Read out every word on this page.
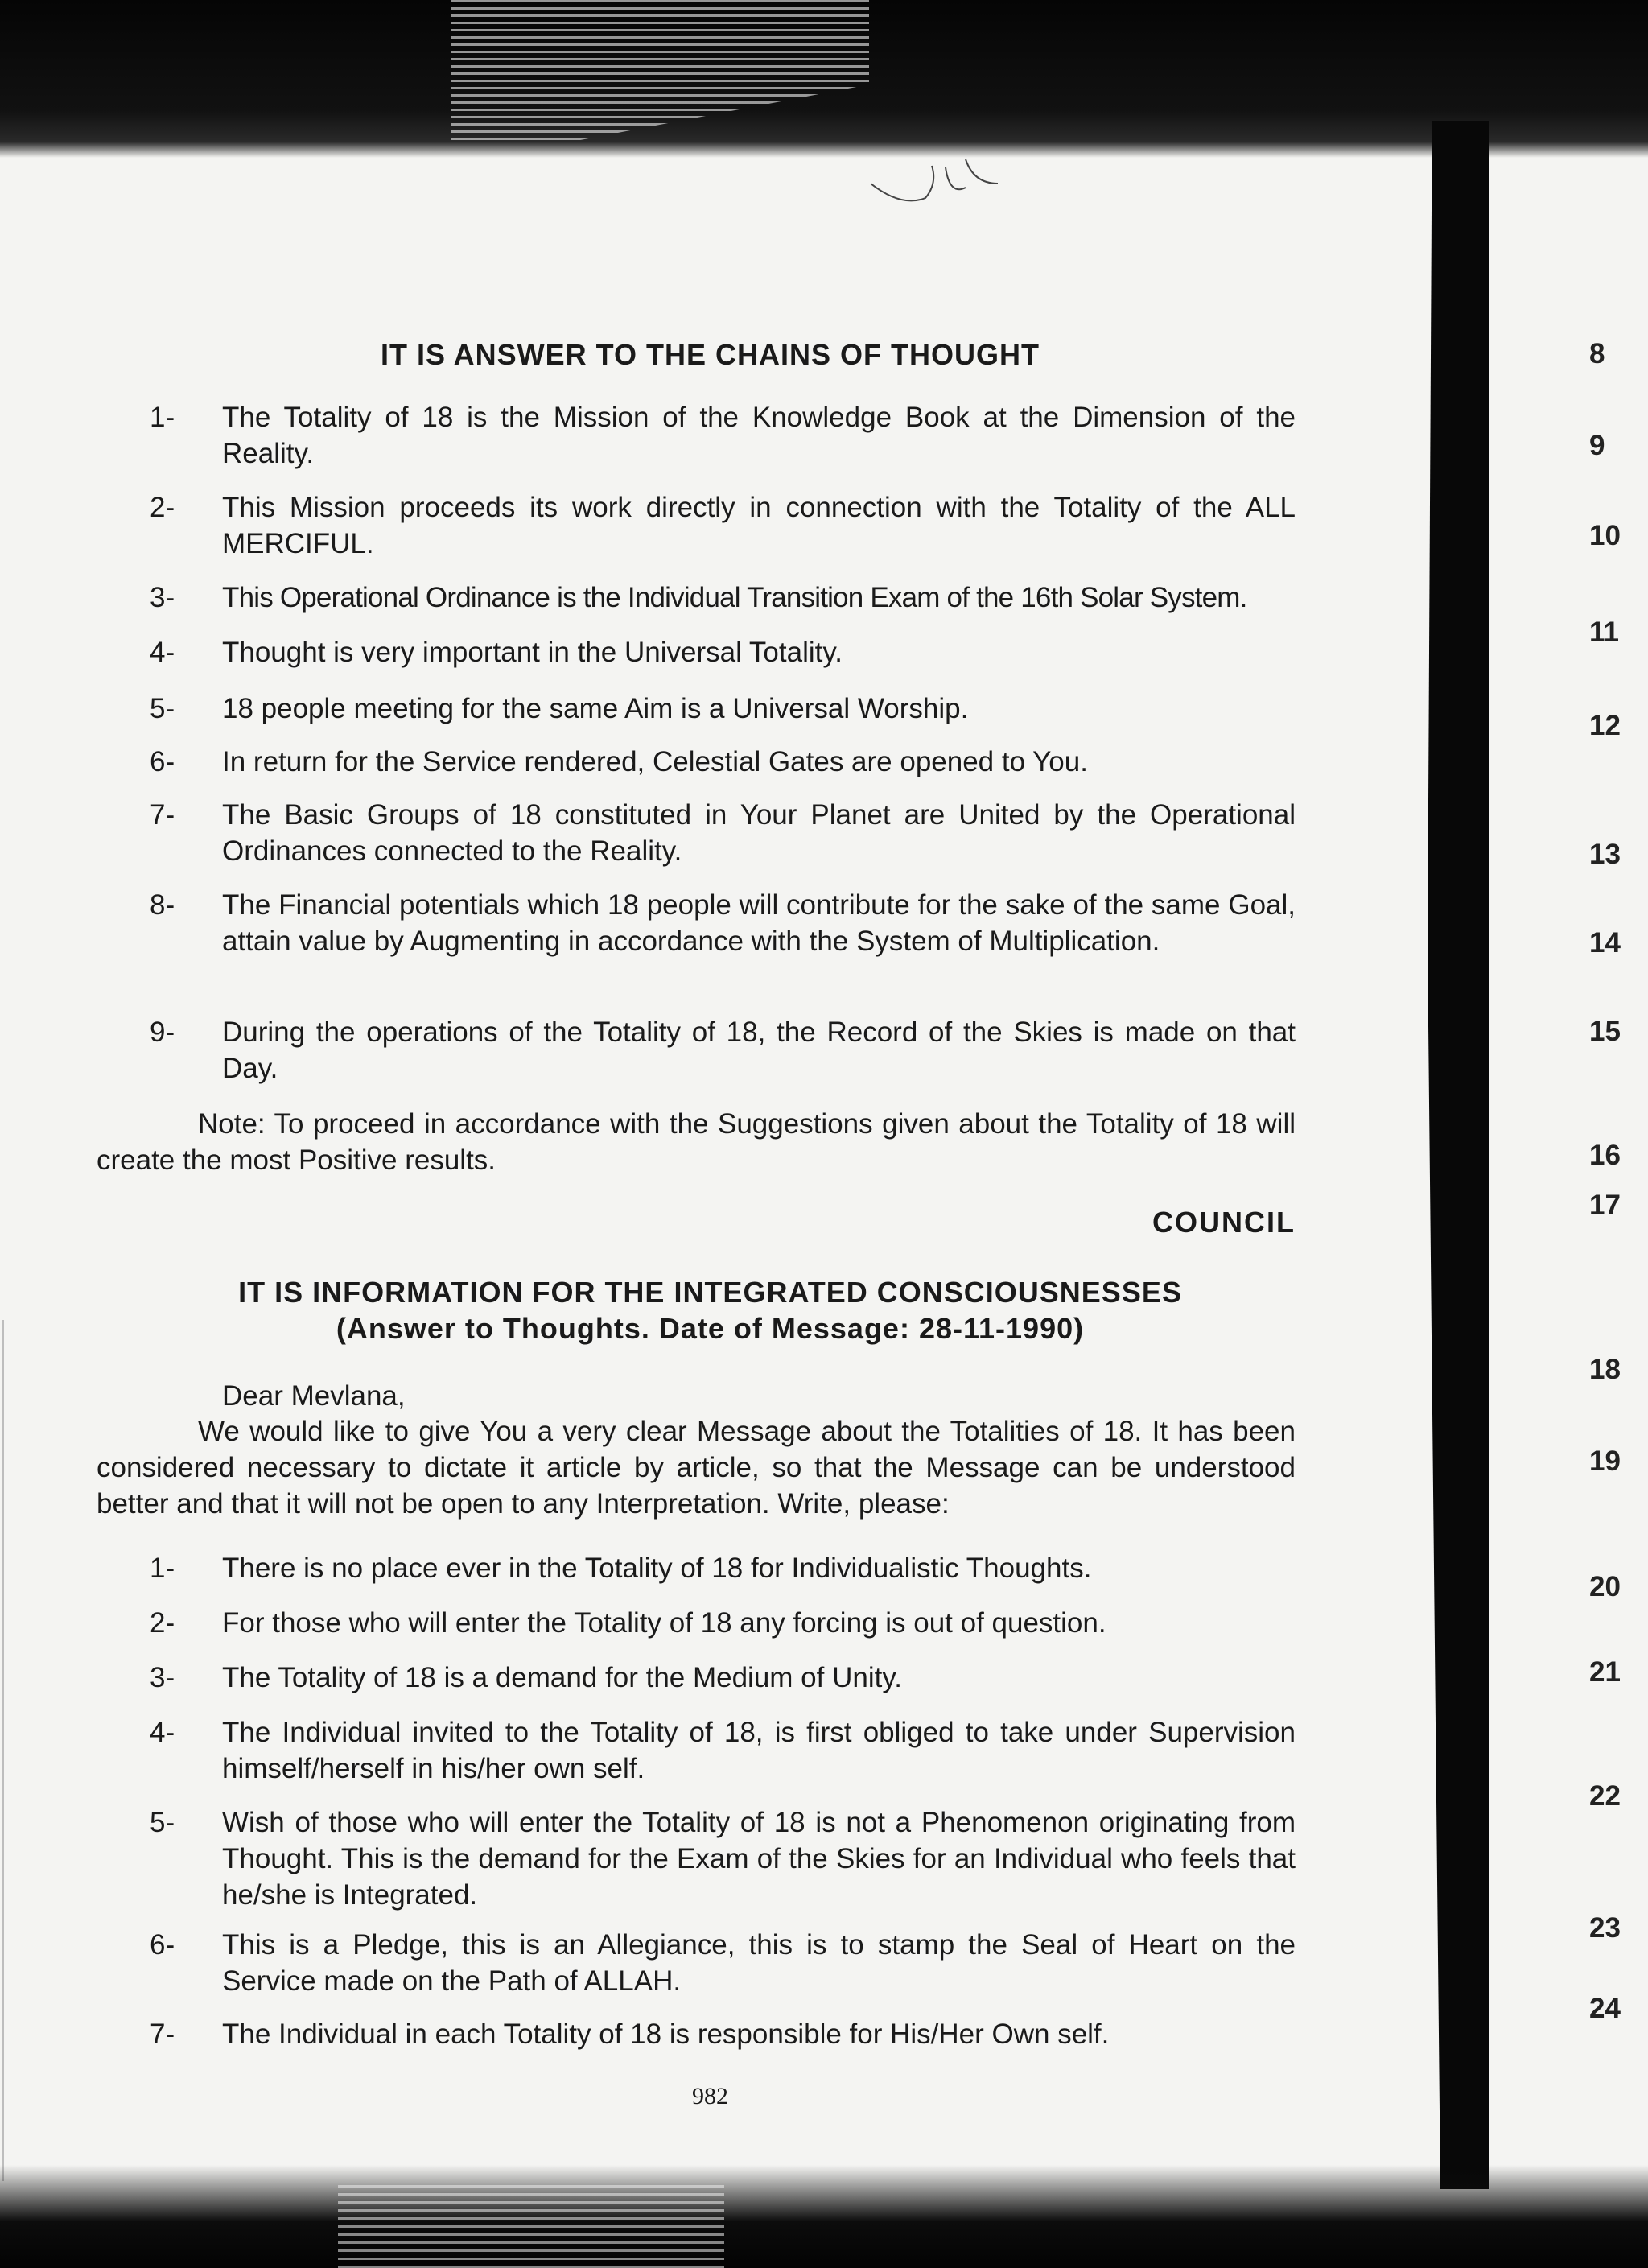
IT IS ANSWER TO THE CHAINS OF THOUGHT
1-	The Totality of 18 is the Mission of the Knowledge Book at the Dimension of the Reality.
2-	This Mission proceeds its work directly in connection with the Totality of the ALL MERCIFUL.
3-	This Operational Ordinance is the Individual Transition Exam of the 16th Solar System.
4-	Thought is very important in the Universal Totality.
5-	18 people meeting for the same Aim is a Universal Worship.
6-	In return for the Service rendered, Celestial Gates are opened to You.
7-	The Basic Groups of 18 constituted in Your Planet are United by the Operational Ordinances connected to the Reality.
8-	The Financial potentials which 18 people will contribute for the sake of the same Goal, attain value by Augmenting in accordance with the System of Multiplication.
9-	During the operations of the Totality of 18, the Record of the Skies is made on that Day.
Note: To proceed in accordance with the Suggestions given about the Totality of 18 will create the most Positive results.
COUNCIL
IT IS INFORMATION FOR THE INTEGRATED CONSCIOUSNESSES
(Answer to Thoughts. Date of Message: 28-11-1990)
Dear Mevlana,
We would like to give You a very clear Message about the Totalities of 18. It has been considered necessary to dictate it article by article, so that the Message can be understood better and that it will not be open to any Interpretation. Write, please:
1-	There is no place ever in the Totality of 18 for Individualistic Thoughts.
2-	For those who will enter the Totality of 18 any forcing is out of question.
3-	The Totality of 18 is a demand for the Medium of Unity.
4-	The Individual invited to the Totality of 18, is first obliged to take under Supervision himself/herself in his/her own self.
5-	Wish of those who will enter the Totality of 18 is not a Phenomenon originating from Thought. This is the demand for the Exam of the Skies for an Individual who feels that he/she is Integrated.
6-	This is a Pledge, this is an Allegiance, this is to stamp the Seal of Heart on the Service made on the Path of ALLAH.
7-	The Individual in each Totality of 18 is responsible for His/Her Own self.
982
8
9
10
11
12
13
14
15
16
17
18
19
20
21
22
23
24
